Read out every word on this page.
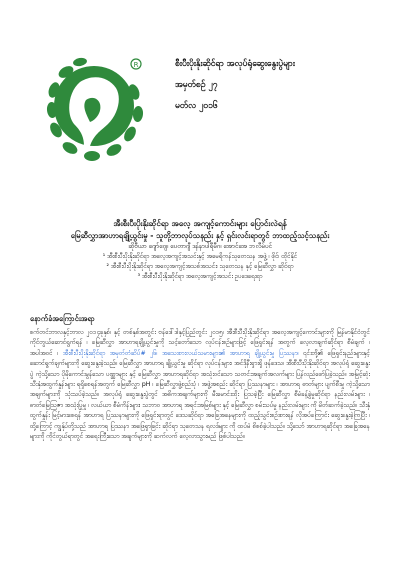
R	စီးပီးပိုးနိုးဆိုင်ရာ အလုပ်ရုံဆွေးနွေးပွဲများ

အမှတ်စဉ် ၂၇

မတ်လ ၂၀၁၆

အီးစီးပီးပိုးနိုးဆိုင်ရာ အလေ့ အကျင့်ကောင်းများ ပြောင်းလဲရန်
မြေဆီလွှာအာဟာရချို့ယွင်းမှု - သူတို့ဘာလုပ်သနည်း နှင့် ရှင်းလင်းရာတွင် ဘာထည့်သင့်သနည်း
ဆိုဗီယာ ဂျော်ဂျေ၊ ပေတာဂျီ ဒန်နာပါရီမီဂ၊ အောင်အေ ဘလီမ်ပင်
¹ အီးစီးပီးပိုးနိုးဆိုင်ရာ အလေ့အကျင့်အသင်းနှင့် အမေရိကန်သုတေသန အဖွဲ့ ၊ ဖိုင်၊ ထိုင်နိုင်
² အီးစီးပီးပိုးနိုးဆိုင်ရာ အလေ့အကျင့်အသစ်အသင်း၊ သုတေသန နှင့် မြေဆီလွှာ ဆိုင်ရာ
³ အီးစီးပီးပိုးနိုးဆိုင်ရာ အလေ့အကျင့်အသင်း ဥပဒေရေးရာ
နောက်ခံအကြောင်းအရာ
စက်တင်ဘာလနှင့်ဘာလ ၂၀၁၄ခုနှစ်၊ နှင့် တစ်နှစ်အတွင်း ဗန်ဒေါ်ဒါနှင့်ပြည်တွင်း ၂၀၁၅၊ အီးစီးပီးပိုးနိုးဆိုင်ရာ အလေ့အကျင့်ကောင်းများကို မြန်မာနိုင်ငံတွင် ကိုင်တွယ်ဆောင်ရွက်ရန် ၊ မြေဆီလွှာ အာဟာရချို့ယွင်းမှုကို သင့်တော်သော လုပ်ငန်းစဉ်များဖြင့် ဖြေရှင်းရန် အတွက် လေ့လာချက်ဆိုင်ရာ စီမံချက် ၊ အပါအဝင် ၊ အီးစီးပီးပိုးနိုးဆိုင်ရာ အမှတ်တံဆိပ်# ၂၆၊ အသေးစားလယ်သမားများ၏ အာဟာရ ချို့ယွင်းမှု ပြဿနာ၊ ၎င်းတို့၏ ဖြေရှင်းနည်းများနှင့် ဆောင်ရွက်ချက်များကို ဆွေးနွေးခဲ့သည်။ မြေဆီလွှာ အာဟာရ ချို့ယွင်းမှု ဆိုင်ရာ လုပ်ငန်းများ၊ အင်ဒိုနီးရှားရှိ ဖုန်ဒေသ၊ အီးစီးပီးပိုးနိုးဆိုင်ရာ အလုပ်ရုံ ဆွေးနွေးပွဲ ကဲ့သို့သော ပိုမိုကောင်းမွန်သော ပဏ္ဏာများ နှင့် မြေဆီလွှာ အာဟာရဆိုင်ရာ အသုံးဝင်သော သတင်းအချက်အလက်များ ပြန်လည်ဖော်ပြခဲ့သည်။ အမြင့်ဆုံး သီးနှံအထွက်နှုန်းများ ရရှိစေရန်အတွက် မြေဆီလွှာ pH ၊ မြေဆီလွှာဖွဲ့စည်းပုံ ၊ အဖွဲ့အစည်း ဆိုင်ရာ ပြဿနာများ ၊ အာဟာရ ဓာတ်များ ပျက်စီးမှု ကဲ့သို့သော အချက်များကို သုံးသပ်ခဲ့သည်။ အလုပ်ရုံ ဆွေးနွေးပွဲတွင် အဓိကအချက်များကို မီးမောင်းထိုး ပြသခဲ့ပြီး မြေဆီလွှာ စီမံခန့်ခွဲမှုဆိုင်ရာ နည်းလမ်းများ ၊ ဓာတ်မြေဩဇာ အသုံးပြုမှု ၊ လယ်ယာ စီမံကိန်းများ၊ သဘာဝ အာဟာရ အရင်းအမြစ်များ နှင့် မြေဆီလွှာ စမ်းသပ်မှု နည်းလမ်းများ ကို မိတ်ဆက်ခဲ့သည်။ သီးနှံထွက်နှုန်း မြင့်မားစေရန် အာဟာရ ပြဿနာများကို ဖြေရှင်းရာတွင် ဒေသဆိုင်ရာ အခြေအနေများကို ထည့်သွင်းစဉ်းစားရန် လိုအပ်ကြောင်း ဆွေးနွေးခဲ့ကြပြီး ၊ ထို့ကြောင့် ကျွန်ုပ်တို့သည် အာဟာရ ပြဿနာ အဖြေရှာခြင်း ဆိုင်ရာ သုတေသန ရလဒ်များ ကို ထပ်မံ စိစစ်ခဲ့ပါသည်။ သို့သော် အာဟာရဆိုင်ရာ အခြေအနေများကို ကိုင်တွယ်ရာတွင် အရေးကြီးသော အချက်များကို ဆက်လက် လေ့လာသွားမည် ဖြစ်ပါသည်။
